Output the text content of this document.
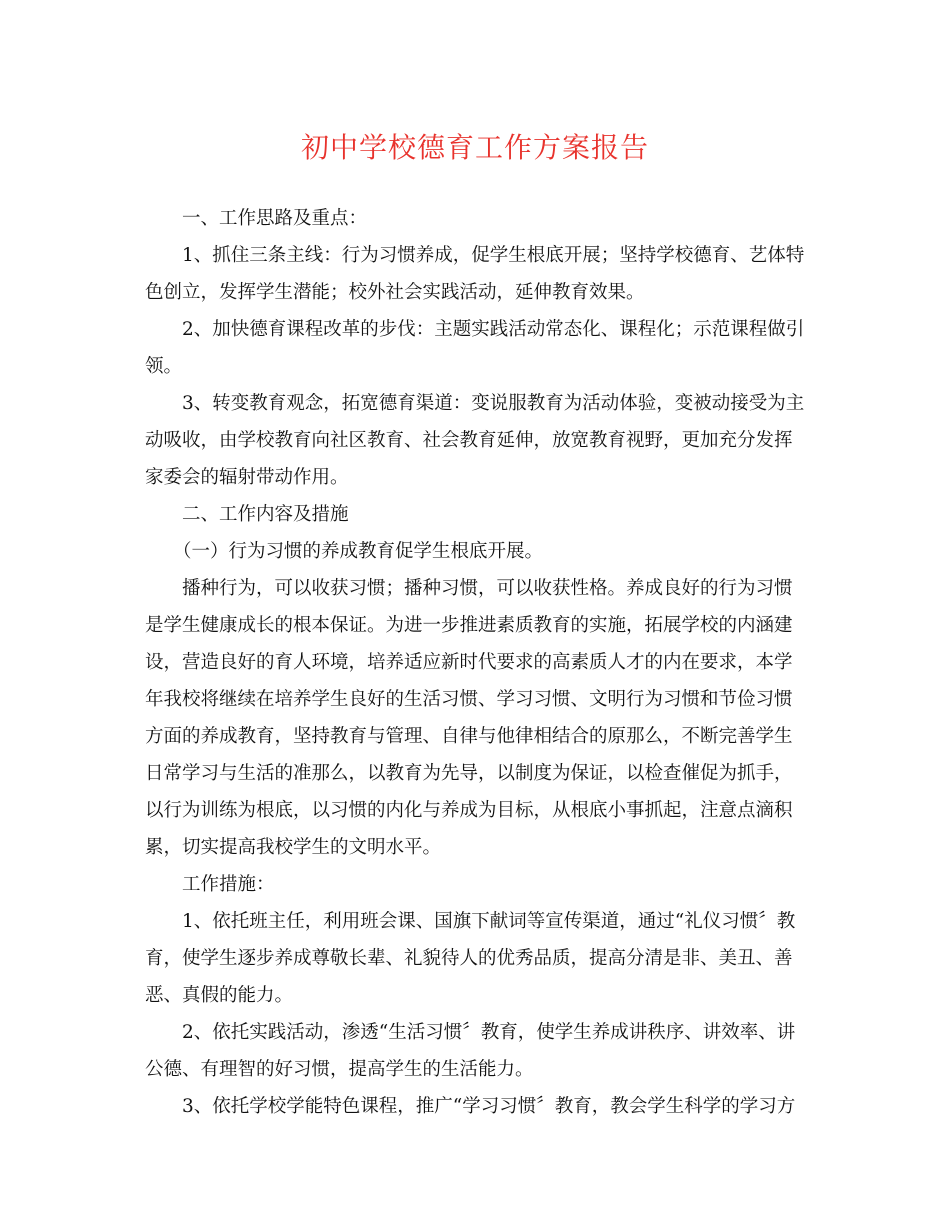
初中学校德育工作方案报告

一、工作思路及重点：

1、抓住三条主线：行为习惯养成，促学生根底开展；坚持学校德育、艺体特色创立，发挥学生潜能；校外社会实践活动，延伸教育效果。

2、加快德育课程改革的步伐：主题实践活动常态化、课程化；示范课程做引领。

3、转变教育观念，拓宽德育渠道：变说服教育为活动体验，变被动接受为主动吸收，由学校教育向社区教育、社会教育延伸，放宽教育视野，更加充分发挥家委会的辐射带动作用。

二、工作内容及措施

（一）行为习惯的养成教育促学生根底开展。

播种行为，可以收获习惯；播种习惯，可以收获性格。养成良好的行为习惯是学生健康成长的根本保证。为进一步推进素质教育的实施，拓展学校的内涵建设，营造良好的育人环境，培养适应新时代要求的高素质人才的内在要求，本学年我校将继续在培养学生良好的生活习惯、学习习惯、文明行为习惯和节俭习惯方面的养成教育，坚持教育与管理、自律与他律相结合的原那么，不断完善学生日常学习与生活的准那么，以教育为先导，以制度为保证，以检查催促为抓手，以行为训练为根底，以习惯的内化与养成为目标，从根底小事抓起，注意点滴积累，切实提高我校学生的文明水平。

工作措施：

1、依托班主任，利用班会课、国旗下献词等宣传渠道，通过“礼仪习惯〞教育，使学生逐步养成尊敬长辈、礼貌待人的优秀品质，提高分清是非、美丑、善恶、真假的能力。

2、依托实践活动，渗透“生活习惯〞教育，使学生养成讲秩序、讲效率、讲公德、有理智的好习惯，提高学生的生活能力。

3、依托学校学能特色课程，推广“学习习惯〞教育，教会学生科学的学习方
